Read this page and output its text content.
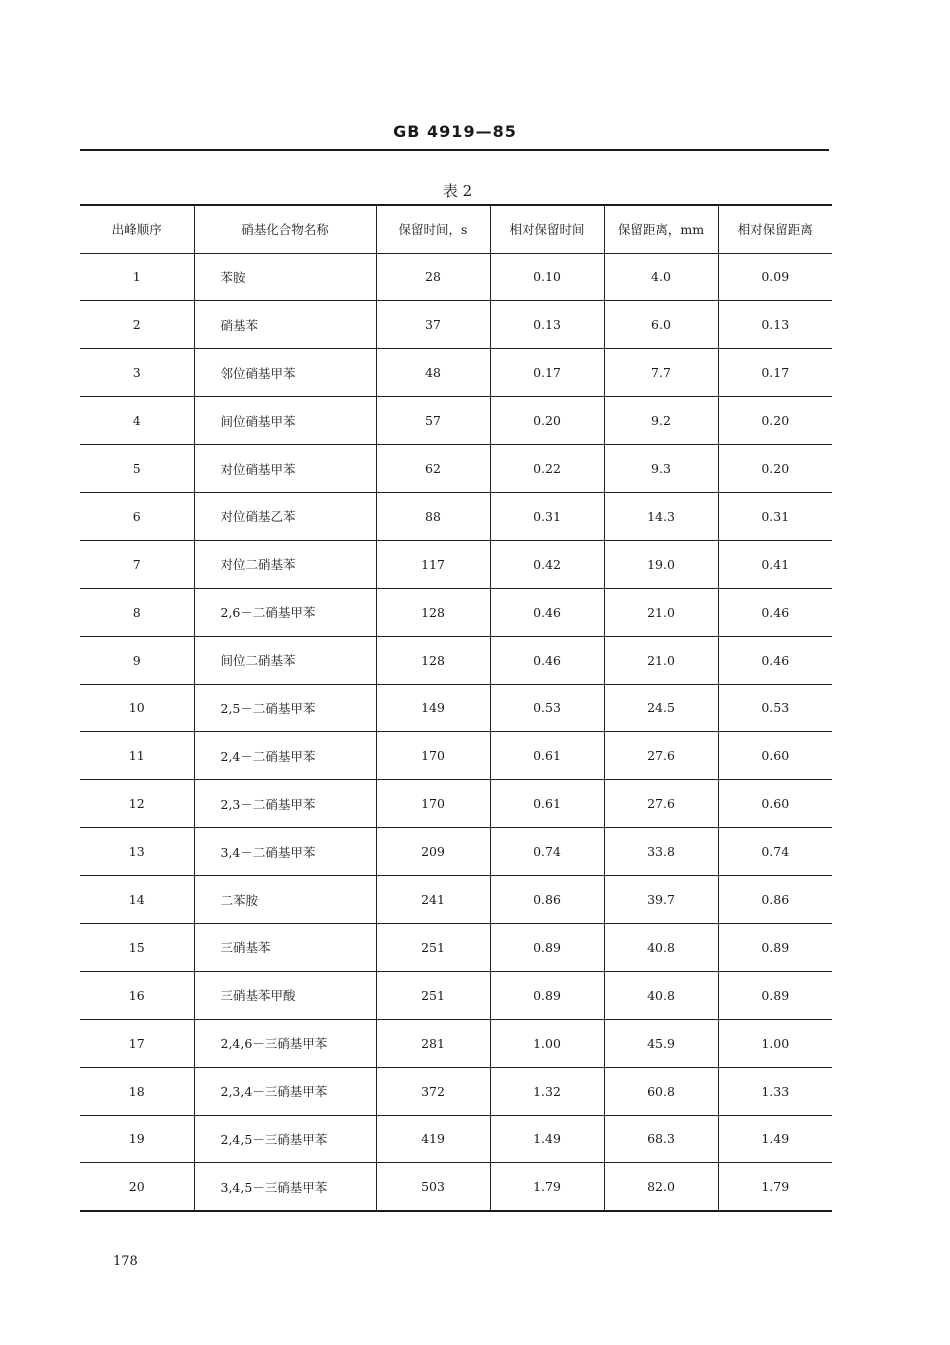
GB 4919—85
表 2
出峰顺序	硝基化合物名称	保留时间，s	相对保留时间	保留距离，mm	相对保留距离
1	苯胺	28	0.10	4.0	0.09
2	硝基苯	37	0.13	6.0	0.13
3	邻位硝基甲苯	48	0.17	7.7	0.17
4	间位硝基甲苯	57	0.20	9.2	0.20
5	对位硝基甲苯	62	0.22	9.3	0.20
6	对位硝基乙苯	88	0.31	14.3	0.31
7	对位二硝基苯	117	0.42	19.0	0.41
8	2,6－二硝基甲苯	128	0.46	21.0	0.46
9	间位二硝基苯	128	0.46	21.0	0.46
10	2,5－二硝基甲苯	149	0.53	24.5	0.53
11	2,4－二硝基甲苯	170	0.61	27.6	0.60
12	2,3－二硝基甲苯	170	0.61	27.6	0.60
13	3,4－二硝基甲苯	209	0.74	33.8	0.74
14	二苯胺	241	0.86	39.7	0.86
15	三硝基苯	251	0.89	40.8	0.89
16	三硝基苯甲酸	251	0.89	40.8	0.89
17	2,4,6－三硝基甲苯	281	1.00	45.9	1.00
18	2,3,4－三硝基甲苯	372	1.32	60.8	1.33
19	2,4,5－三硝基甲苯	419	1.49	68.3	1.49
20	3,4,5－三硝基甲苯	503	1.79	82.0	1.79
178
